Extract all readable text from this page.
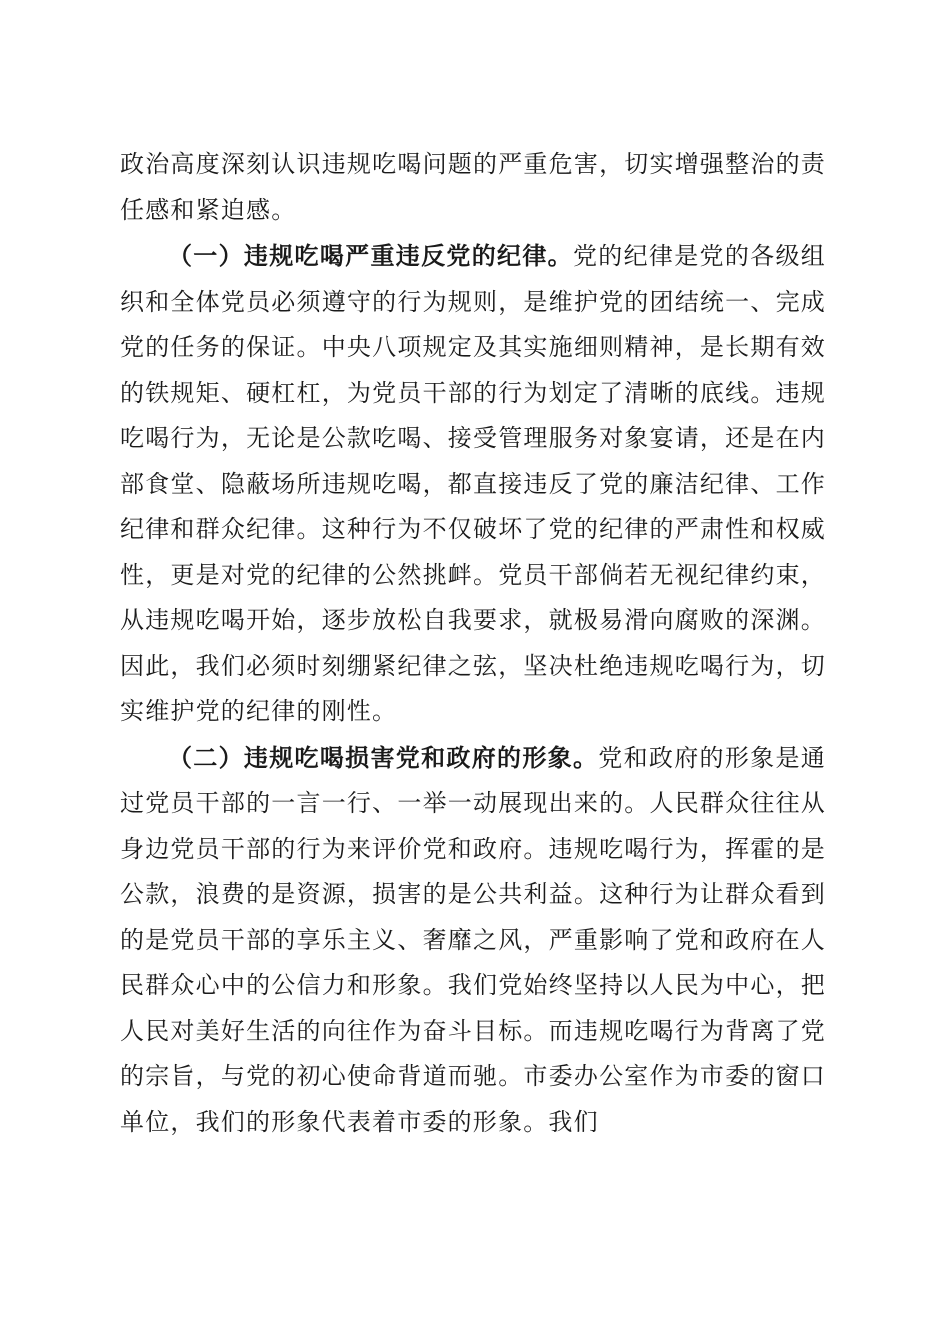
政治高度深刻认识违规吃喝问题的严重危害，切实增强整治的责任感和紧迫感。

（一）违规吃喝严重违反党的纪律。党的纪律是党的各级组织和全体党员必须遵守的行为规则，是维护党的团结统一、完成党的任务的保证。中央八项规定及其实施细则精神，是长期有效的铁规矩、硬杠杠，为党员干部的行为划定了清晰的底线。违规吃喝行为，无论是公款吃喝、接受管理服务对象宴请，还是在内部食堂、隐蔽场所违规吃喝，都直接违反了党的廉洁纪律、工作纪律和群众纪律。这种行为不仅破坏了党的纪律的严肃性和权威性，更是对党的纪律的公然挑衅。党员干部倘若无视纪律约束，从违规吃喝开始，逐步放松自我要求，就极易滑向腐败的深渊。因此，我们必须时刻绷紧纪律之弦，坚决杜绝违规吃喝行为，切实维护党的纪律的刚性。

（二）违规吃喝损害党和政府的形象。党和政府的形象是通过党员干部的一言一行、一举一动展现出来的。人民群众往往从身边党员干部的行为来评价党和政府。违规吃喝行为，挥霍的是公款，浪费的是资源，损害的是公共利益。这种行为让群众看到的是党员干部的享乐主义、奢靡之风，严重影响了党和政府在人民群众心中的公信力和形象。我们党始终坚持以人民为中心，把人民对美好生活的向往作为奋斗目标。而违规吃喝行为背离了党的宗旨，与党的初心使命背道而驰。市委办公室作为市委的窗口单位，我们的形象代表着市委的形象。我们
